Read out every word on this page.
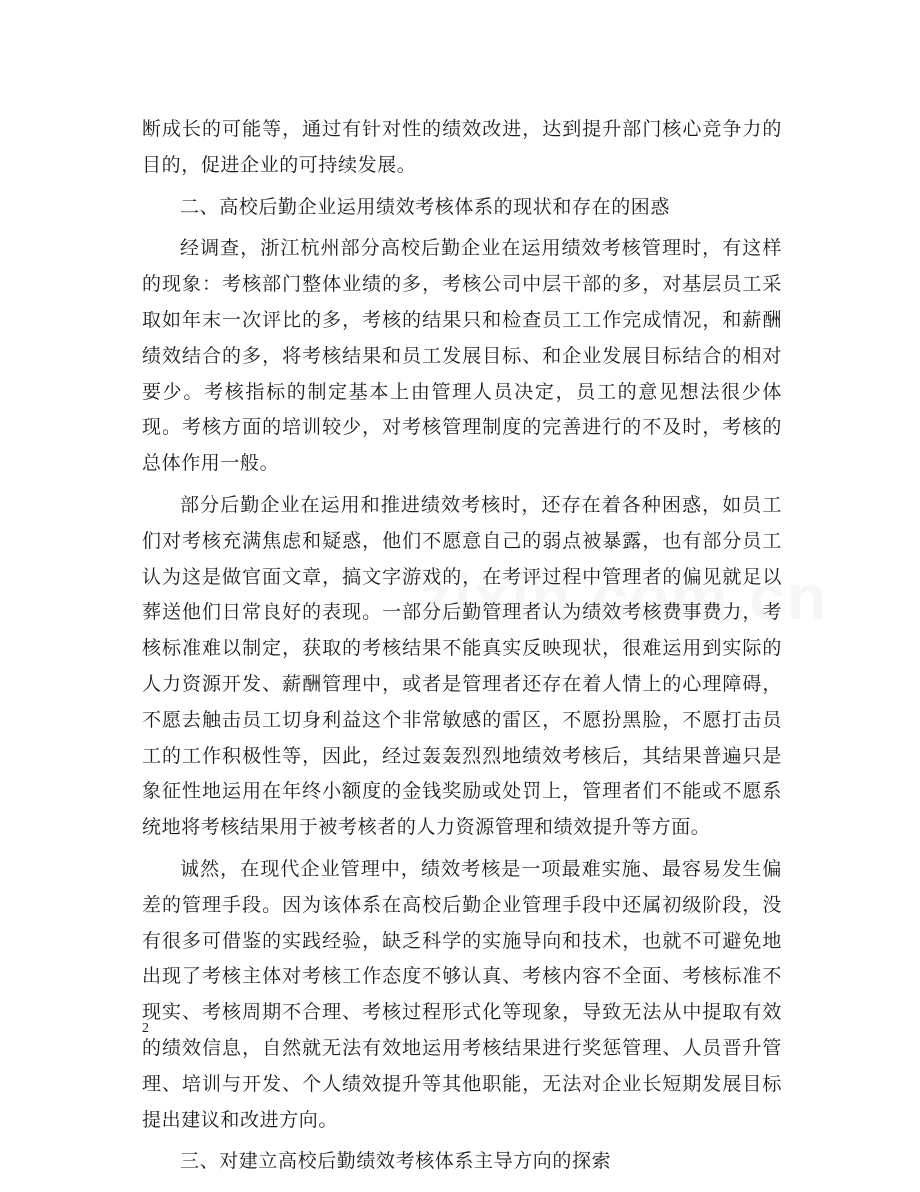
断成长的可能等，通过有针对性的绩效改进，达到提升部门核心竞争力的目的，促进企业的可持续发展。

二、高校后勤企业运用绩效考核体系的现状和存在的困惑

经调查，浙江杭州部分高校后勤企业在运用绩效考核管理时，有这样的现象：考核部门整体业绩的多，考核公司中层干部的多，对基层员工采取如年末一次评比的多，考核的结果只和检查员工工作完成情况，和薪酬绩效结合的多，将考核结果和员工发展目标、和企业发展目标结合的相对要少。考核指标的制定基本上由管理人员决定，员工的意见想法很少体现。考核方面的培训较少，对考核管理制度的完善进行的不及时，考核的总体作用一般。

部分后勤企业在运用和推进绩效考核时，还存在着各种困惑，如员工们对考核充满焦虑和疑惑，他们不愿意自己的弱点被暴露，也有部分员工认为这是做官面文章，搞文字游戏的，在考评过程中管理者的偏见就足以葬送他们日常良好的表现。一部分后勤管理者认为绩效考核费事费力，考核标准难以制定，获取的考核结果不能真实反映现状，很难运用到实际的人力资源开发、薪酬管理中，或者是管理者还存在着人情上的心理障碍，不愿去触击员工切身利益这个非常敏感的雷区，不愿扮黑脸，不愿打击员工的工作积极性等，因此，经过轰轰烈烈地绩效考核后，其结果普遍只是象征性地运用在年终小额度的金钱奖励或处罚上，管理者们不能或不愿系统地将考核结果用于被考核者的人力资源管理和绩效提升等方面。

诚然，在现代企业管理中，绩效考核是一项最难实施、最容易发生偏差的管理手段。因为该体系在高校后勤企业管理手段中还属初级阶段，没有很多可借鉴的实践经验，缺乏科学的实施导向和技术，也就不可避免地出现了考核主体对考核工作态度不够认真、考核内容不全面、考核标准不现实、考核周期不合理、考核过程形式化等现象，导致无法从中提取有效的绩效信息，自然就无法有效地运用考核结果进行奖惩管理、人员晋升管理、培训与开发、个人绩效提升等其他职能，无法对企业长短期发展目标提出建议和改进方向。

三、对建立高校后勤绩效考核体系主导方向的探索

2
